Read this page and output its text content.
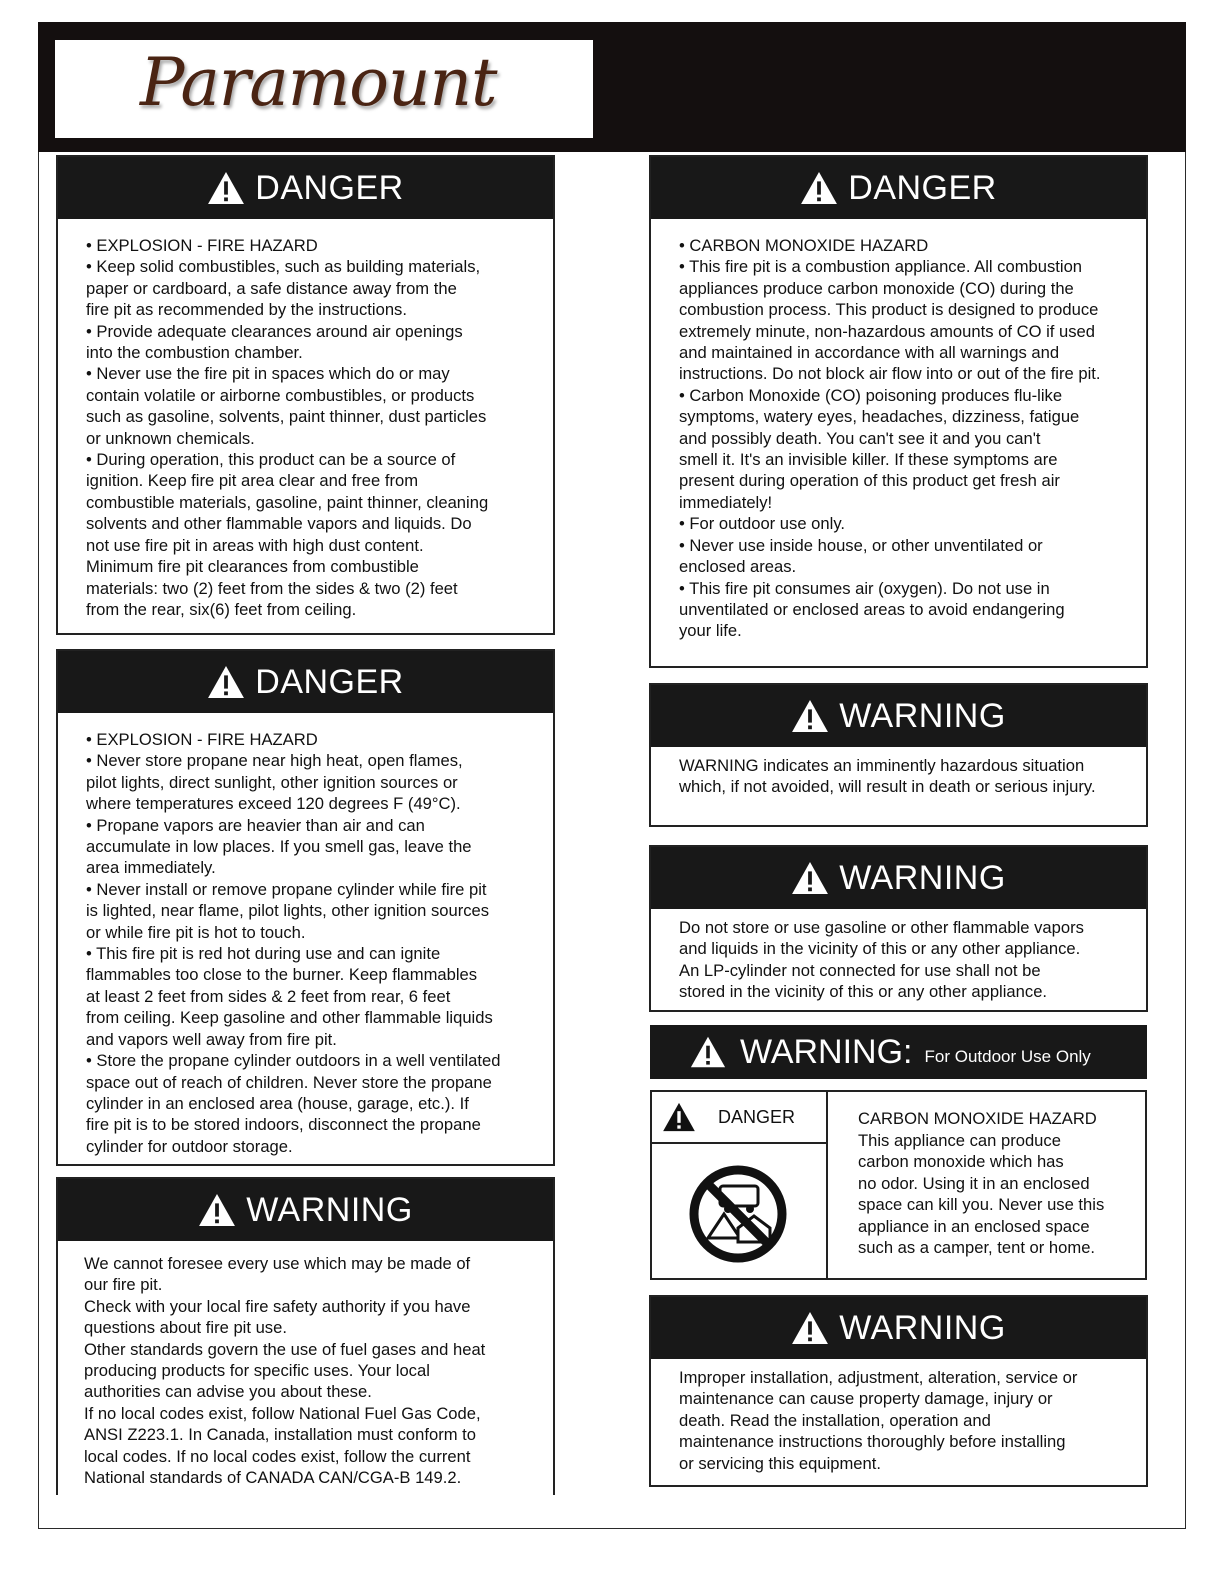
Paramount
DANGER

• EXPLOSION - FIRE HAZARD

• Keep solid combustibles, such as building materials,

paper or cardboard, a safe distance away from the

fire pit as recommended by the instructions.

• Provide adequate clearances around air openings

into the combustion chamber.

• Never use the fire pit in spaces which do or may

contain volatile or airborne combustibles, or products

such as gasoline, solvents, paint thinner, dust particles

or unknown chemicals.

• During operation, this product can be a source of

ignition. Keep fire pit area clear and free from

combustible materials, gasoline, paint thinner, cleaning

solvents and other flammable vapors and liquids. Do

not use fire pit in areas with high dust content.

Minimum fire pit clearances from combustible

materials: two (2) feet from the sides & two (2) feet

from the rear, six(6) feet from ceiling.

DANGER

• EXPLOSION - FIRE HAZARD

• Never store propane near high heat, open flames,

pilot lights, direct sunlight, other ignition sources or

where temperatures exceed 120 degrees F (49°C).

• Propane vapors are heavier than air and can

accumulate in low places. If you smell gas, leave the

area immediately.

• Never install or remove propane cylinder while fire pit

is lighted, near flame, pilot lights, other ignition sources

or while fire pit is hot to touch.

• This fire pit is red hot during use and can ignite

flammables too close to the burner. Keep flammables

at least 2 feet from sides & 2 feet from rear, 6 feet

from ceiling. Keep gasoline and other flammable liquids

and vapors well away from fire pit.

• Store the propane cylinder outdoors in a well ventilated

space out of reach of children. Never store the propane

cylinder in an enclosed area (house, garage, etc.). If

fire pit is to be stored indoors, disconnect the propane

cylinder for outdoor storage.

WARNING

We cannot foresee every use which may be made of

our fire pit.

Check with your local fire safety authority if you have

questions about fire pit use.

Other standards govern the use of fuel gases and heat

producing products for specific uses. Your local

authorities can advise you about these.

If no local codes exist, follow National Fuel Gas Code,

ANSI Z223.1. In Canada, installation must conform to

local codes. If no local codes exist, follow the current

National standards of CANADA CAN/CGA-B 149.2.

DANGER

• CARBON MONOXIDE HAZARD

• This fire pit is a combustion appliance. All combustion

appliances produce carbon monoxide (CO) during the

combustion process. This product is designed to produce

extremely minute, non-hazardous amounts of CO if used

and maintained in accordance with all warnings and

instructions. Do not block air flow into or out of the fire pit.

• Carbon Monoxide (CO) poisoning produces flu-like

symptoms, watery eyes, headaches, dizziness, fatigue

and possibly death. You can't see it and you can't

smell it. It's an invisible killer. If these symptoms are

present during operation of this product get fresh air

immediately!

• For outdoor use only.

• Never use inside house, or other unventilated or

enclosed areas.

• This fire pit consumes air (oxygen). Do not use in

unventilated or enclosed areas to avoid endangering

your life.

WARNING

WARNING indicates an imminently hazardous situation

which, if not avoided, will result in death or serious injury.

WARNING

Do not store or use gasoline or other flammable vapors

and liquids in the vicinity of this or any other appliance.

An LP-cylinder not connected for use shall not be

stored in the vicinity of this or any other appliance.

WARNING: For Outdoor Use Only
DANGER	CARBON MONOXIDE HAZARD

This appliance can produce

carbon monoxide which has

no odor. Using it in an enclosed

space can kill you. Never use this

appliance in an enclosed space

such as a camper, tent or home.

WARNING

Improper installation, adjustment, alteration, service or

maintenance can cause property damage, injury or

death. Read the installation, operation and

maintenance instructions thoroughly before installing

or servicing this equipment.
